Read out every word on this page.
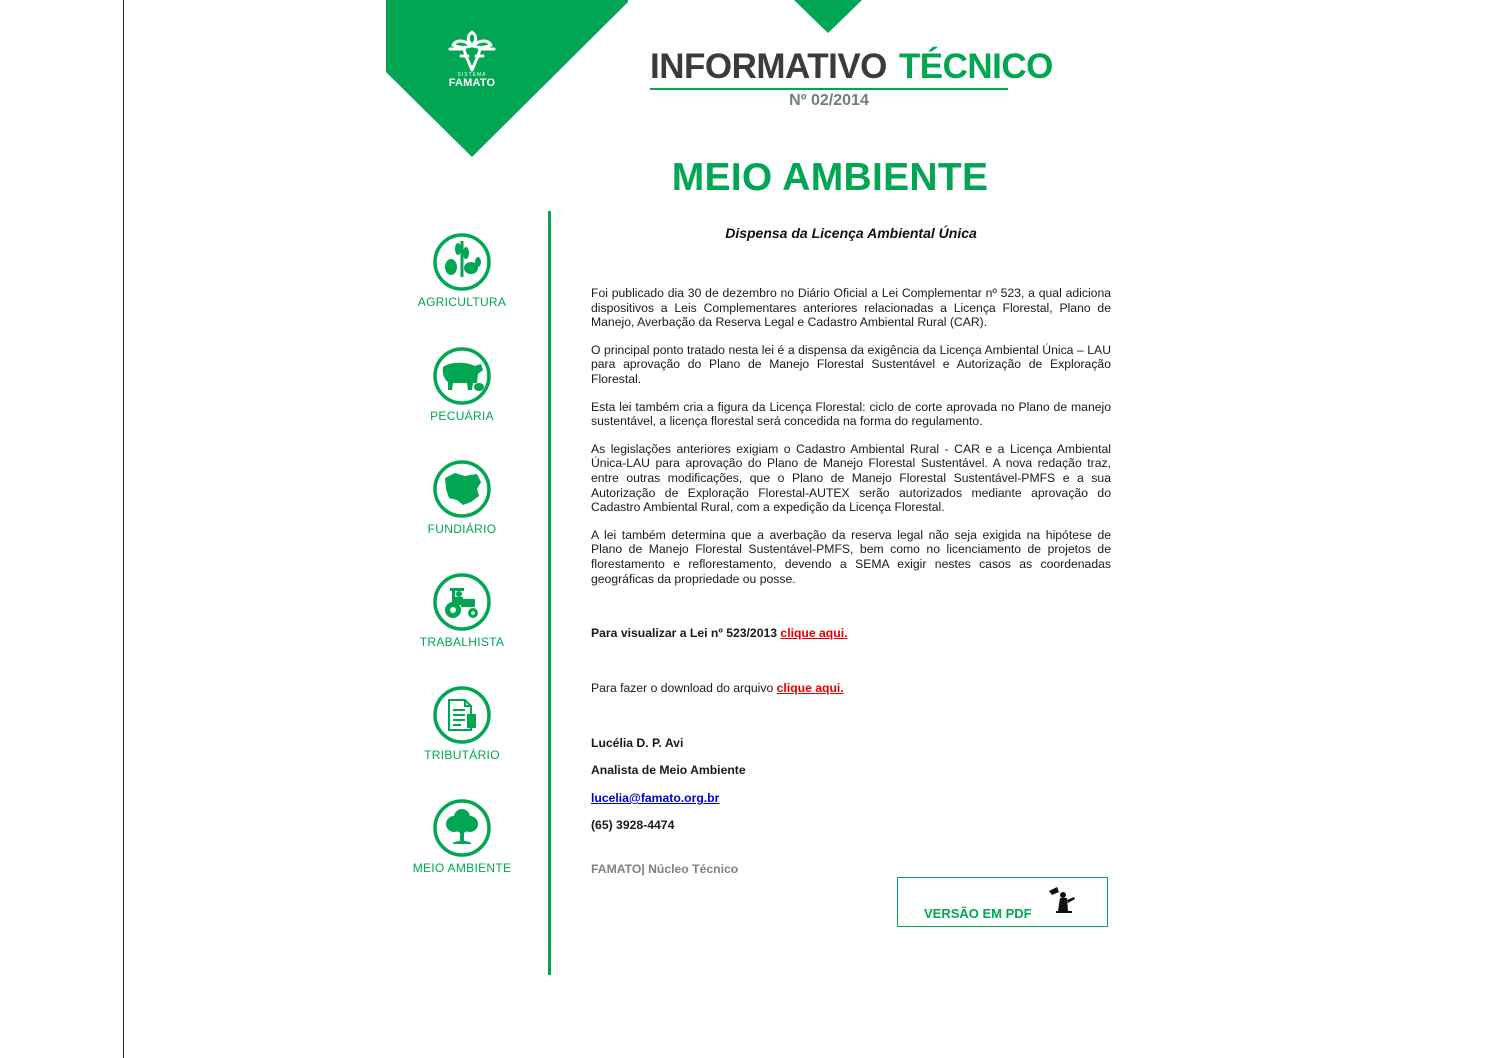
SISTEMA
FAMATO	INFORMATIVO TÉCNICO
Nº 02/2014
MEIO AMBIENTE
AGRICULTURA
PECUÁRIA
FUNDIÁRIO
TRABALHISTA
TRIBUTÁRIO
MEIO AMBIENTE
Dispensa da Licença Ambiental Única

Foi publicado dia 30 de dezembro no Diário Oficial a Lei Complementar nº 523, a qual adiciona dispositivos a Leis Complementares anteriores relacionadas a Licença Florestal, Plano de Manejo, Averbação da Reserva Legal e Cadastro Ambiental Rural (CAR).

O principal ponto tratado nesta lei é a dispensa da exigência da Licença Ambiental Única – LAU para aprovação do Plano de Manejo Florestal Sustentável e Autorização de Exploração Florestal.

Esta lei também cria a figura da Licença Florestal: ciclo de corte aprovada no Plano de manejo sustentável, a licença florestal será concedida na forma do regulamento.

As legislações anteriores exigiam o Cadastro Ambiental Rural - CAR e a Licença Ambiental Única-LAU para aprovação do Plano de Manejo Florestal Sustentável. A nova redação traz, entre outras modificações, que o Plano de Manejo Florestal Sustentável-PMFS e a sua Autorização de Exploração Florestal-AUTEX serão autorizados mediante aprovação do Cadastro Ambiental Rural, com a expedição da Licença Florestal.

A lei também determina que a averbação da reserva legal não seja exigida na hipótese de Plano de Manejo Florestal Sustentável-PMFS, bem como no licenciamento de projetos de florestamento e reflorestamento, devendo a SEMA exigir nestes casos as coordenadas geográficas da propriedade ou posse.

Para visualizar a Lei nº 523/2013 clique aqui.
Para fazer o download do arquivo clique aqui.
Lucélia D. P. Avi
Analista de Meio Ambiente
lucelia@famato.org.br
(65) 3928-4474
FAMATO| Núcleo Técnico
VERSÃO EM PDF
